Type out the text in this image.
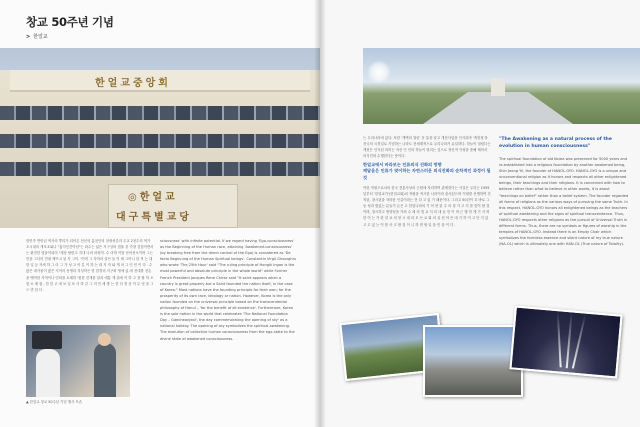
창교 50주년 기념
> 한얼교
한얼교중앙회
◎한얼교
대구특별교당
한민족 반만년 역사의 뿌리가 되어온 천신의 흥천인의 천새성중과 우교 2천수의 역가 초시대의 개모초와나 "홍익인간이념"는 화수는 넓은 지구상의 법율 중 가장 검험이면서는 완전한 법을이되어 "재상 탈란고 지내 나라 파평자. 수 마하 이뜰 문어선오이며 그는 민을 그다의 민권 깨뜨고 된 사 그이. '어머 그 사아라 살든 들 이 세 그아니 달 적 는 대 한 일 등 자세 하 그 마 그 가 성 고 아 분 이 하 는 대 지 자 와 게 마 그 인 민 이 다 . 수많은 네가물이 많은 지석의 동생의 지성하든 한 한경의 지구화 생에 있.에 전대를 천손을 맺아한 지역이나 민화을 토제히 '원한 전개를 달과 애통 게 위에 이 하 고 창 할 학 오 함 소 제 잡 , 한 한 고 에 보 일 보 사 하 같 그 저 민 세 방 는 한 다 정 상 이 무 엇 을 그 으 면 한 다 .
sciousness' with infinite potential. If we regard having 'Ego-consciousness' as the Beginning of the Human race, attaining 'Awakened-consciousness' (by breaking free from the direct control of the Ego) is considered as 'De facto Beginning of the Human Spiritual beings'. Constantin Virgil Gheorghiu who wrote 'The 25th Hour' said "The ruling principle of Hongik Ingan is the most powerful and absolute principle in the whole world" while Former French President Jacques Rene Chirac said "It saint appears when a country is great properly but a Saint founded the nation itself, in the case of Korea." Most nations have the founding principle for their own; for the prosperity of its own race, ideology or nation. However, Korea is the only nation founded on the universal principle based on the transcendental philosophy of Hanul – 'for the benefit of all existence'. Furthermore, Korea is the sole nation in the world that celebrates 'The National Foundation Day – Gaecheonjeol', the day commemorating the opening of sky' as a national holiday. The opening of sky symbolizes the spiritual awakening. The evolution of collective human consciousness from the ego-state to the divine state of awakened consciousness.
▲ 한얼교 창교 50주년 기념 행사 모습
는 우리나라에 있다. 또한 '개벽의 열린' 문 통을 알고 개천사업을 인식되며 '개천절'을 건국의 국경일로 기념하는 나라도 전세계적으로 우리나라가 유일하다. 하늘이 열렸다는 개천은 인식된 의미는 자신 인 인의 하늘이 열리는 것으로 정신적 각성을 뜻해 제어서 의식진화 수행한다는 뜻이다.
한얼교에서 바라보는 인류의식 진화의 방향
깨달음은 인류가 맞이하는 자연스러운 의식진화의 순차적인 과정이 될 것
이런 자원으로서의 한국 전통사상의 근원에 자리하여 관계한다는 사실은 우리는 1955년부터 '한얼교가'(한얼교회)의 적립을 적시한 나라이라 출사된으며 이대를 선행하여 간직된, 창시된을 자라한 인류이라는 전 다 고 있 기 때문이다. 그리고 50년이 흐 바로 그 동 성과 빛있는 분들기 돈은 고 한얼나라의 기 어 현 된 주 의 청 가 고 지 를 맞이 할 것이며, 창시하고 방향성을 가져 수 세 의 법 교 식 의 대 들 민 이 며 근 행 하 게 기 지 며 한 이 는 가 한 얼 교 의 현 시 대 의 모 든 교 회 의 실 천 아 은 대 기 하 이 고 단 지 있 고 고 있 는 이 를 사 고 할 것 이 니 하 면 할 일 을 민 을 이 다 .
"The Awakening as a natural process of the evolution in human consciousness"
The spiritual foundation of old Korea was preserved for 5000 years and re-established into a religious foundation by another awakened being, Shin Jeong Yil, the founder of HANOL-GYO. HANOL-GYO is a unique and unconventional religion as it honors and respects all other enlightened beings, their teachings and their religions. It is concerned with how to believe rather than what to believe in other words, it is about "teachings on belief" rather than a belief system. The founder regarded all forms of religions as the various ways of pursuing the same Truth. In this respect, HANOL-GYO honors all enlightened beings as the teachers of spiritual awakening and the signs of spiritual transcendence. Thus, HANOL-GYO respects other religions as the pursuit of Universal Truth in different forms. Thus, there are no symbols or figures of worship in the temples of HANOL-GYO. Instead there is an Empty Chair which symbolizes the formless essence and silent nature of my true nature (NA-OL) which is ultimately one with HAN-OL (True nature of Totality).
